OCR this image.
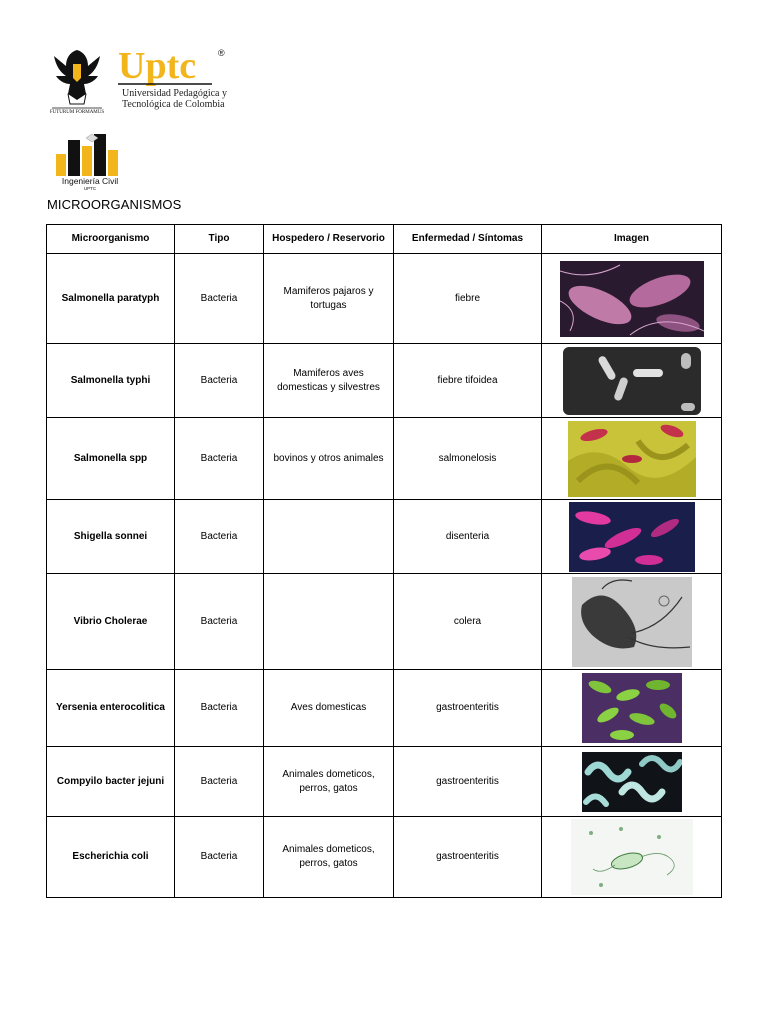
FUTURUM FORMAMUS
Uptc ®
Universidad Pedagógica y
Tecnológica de Colombia
Ingeniería Civil
UPTC
MICROORGANISMOS
Microorganismo	Tipo	Hospedero / Reservorio	Enfermedad / Síntomas	Imagen
Salmonella paratyph	Bacteria	Mamiferos pajaros y tortugas	fiebre	

Salmonella typhi	Bacteria	Mamiferos aves domesticas y silvestres	fiebre tifoidea	

Salmonella spp	Bacteria	bovinos y otros animales	salmonelosis	

Shigella sonnei	Bacteria		disenteria	

Vibrio Cholerae	Bacteria		colera	

Yersenia enterocolitica	Bacteria	Aves domesticas	gastroenteritis	

Compyilo bacter jejuni	Bacteria	Animales dometicos, perros, gatos	gastroenteritis	

Escherichia coli	Bacteria	Animales dometicos, perros, gatos	gastroenteritis	
